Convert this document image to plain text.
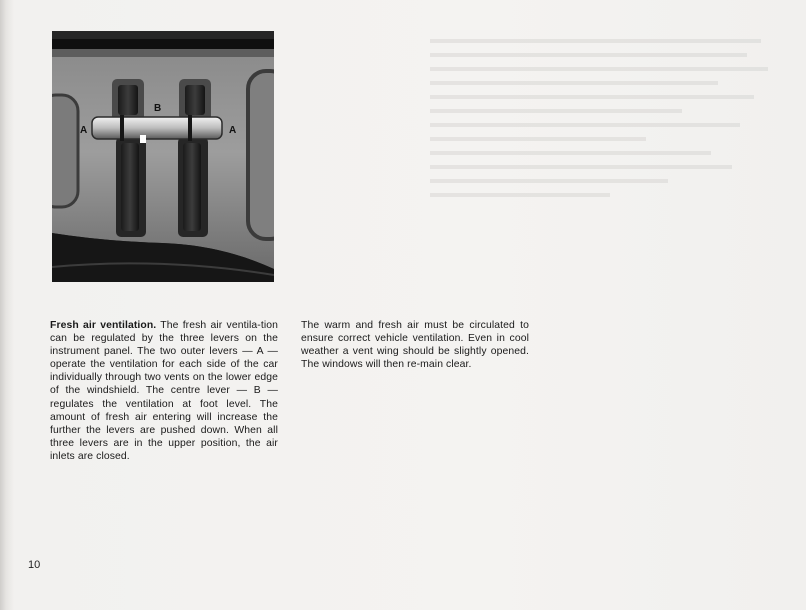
A
B
A
Fresh air ventilation. The fresh air ventila-tion can be regulated by the three levers on the instrument panel. The two outer levers — A — operate the ventilation for each side of the car individually through two vents on the lower edge of the windshield. The centre lever — B — regulates the ventilation at foot level. The amount of fresh air entering will increase the further the levers are pushed down. When all three levers are in the upper position, the air inlets are closed.
The warm and fresh air must be circulated to ensure correct vehicle ventilation. Even in cool weather a vent wing should be slightly opened. The windows will then re-main clear.
10
